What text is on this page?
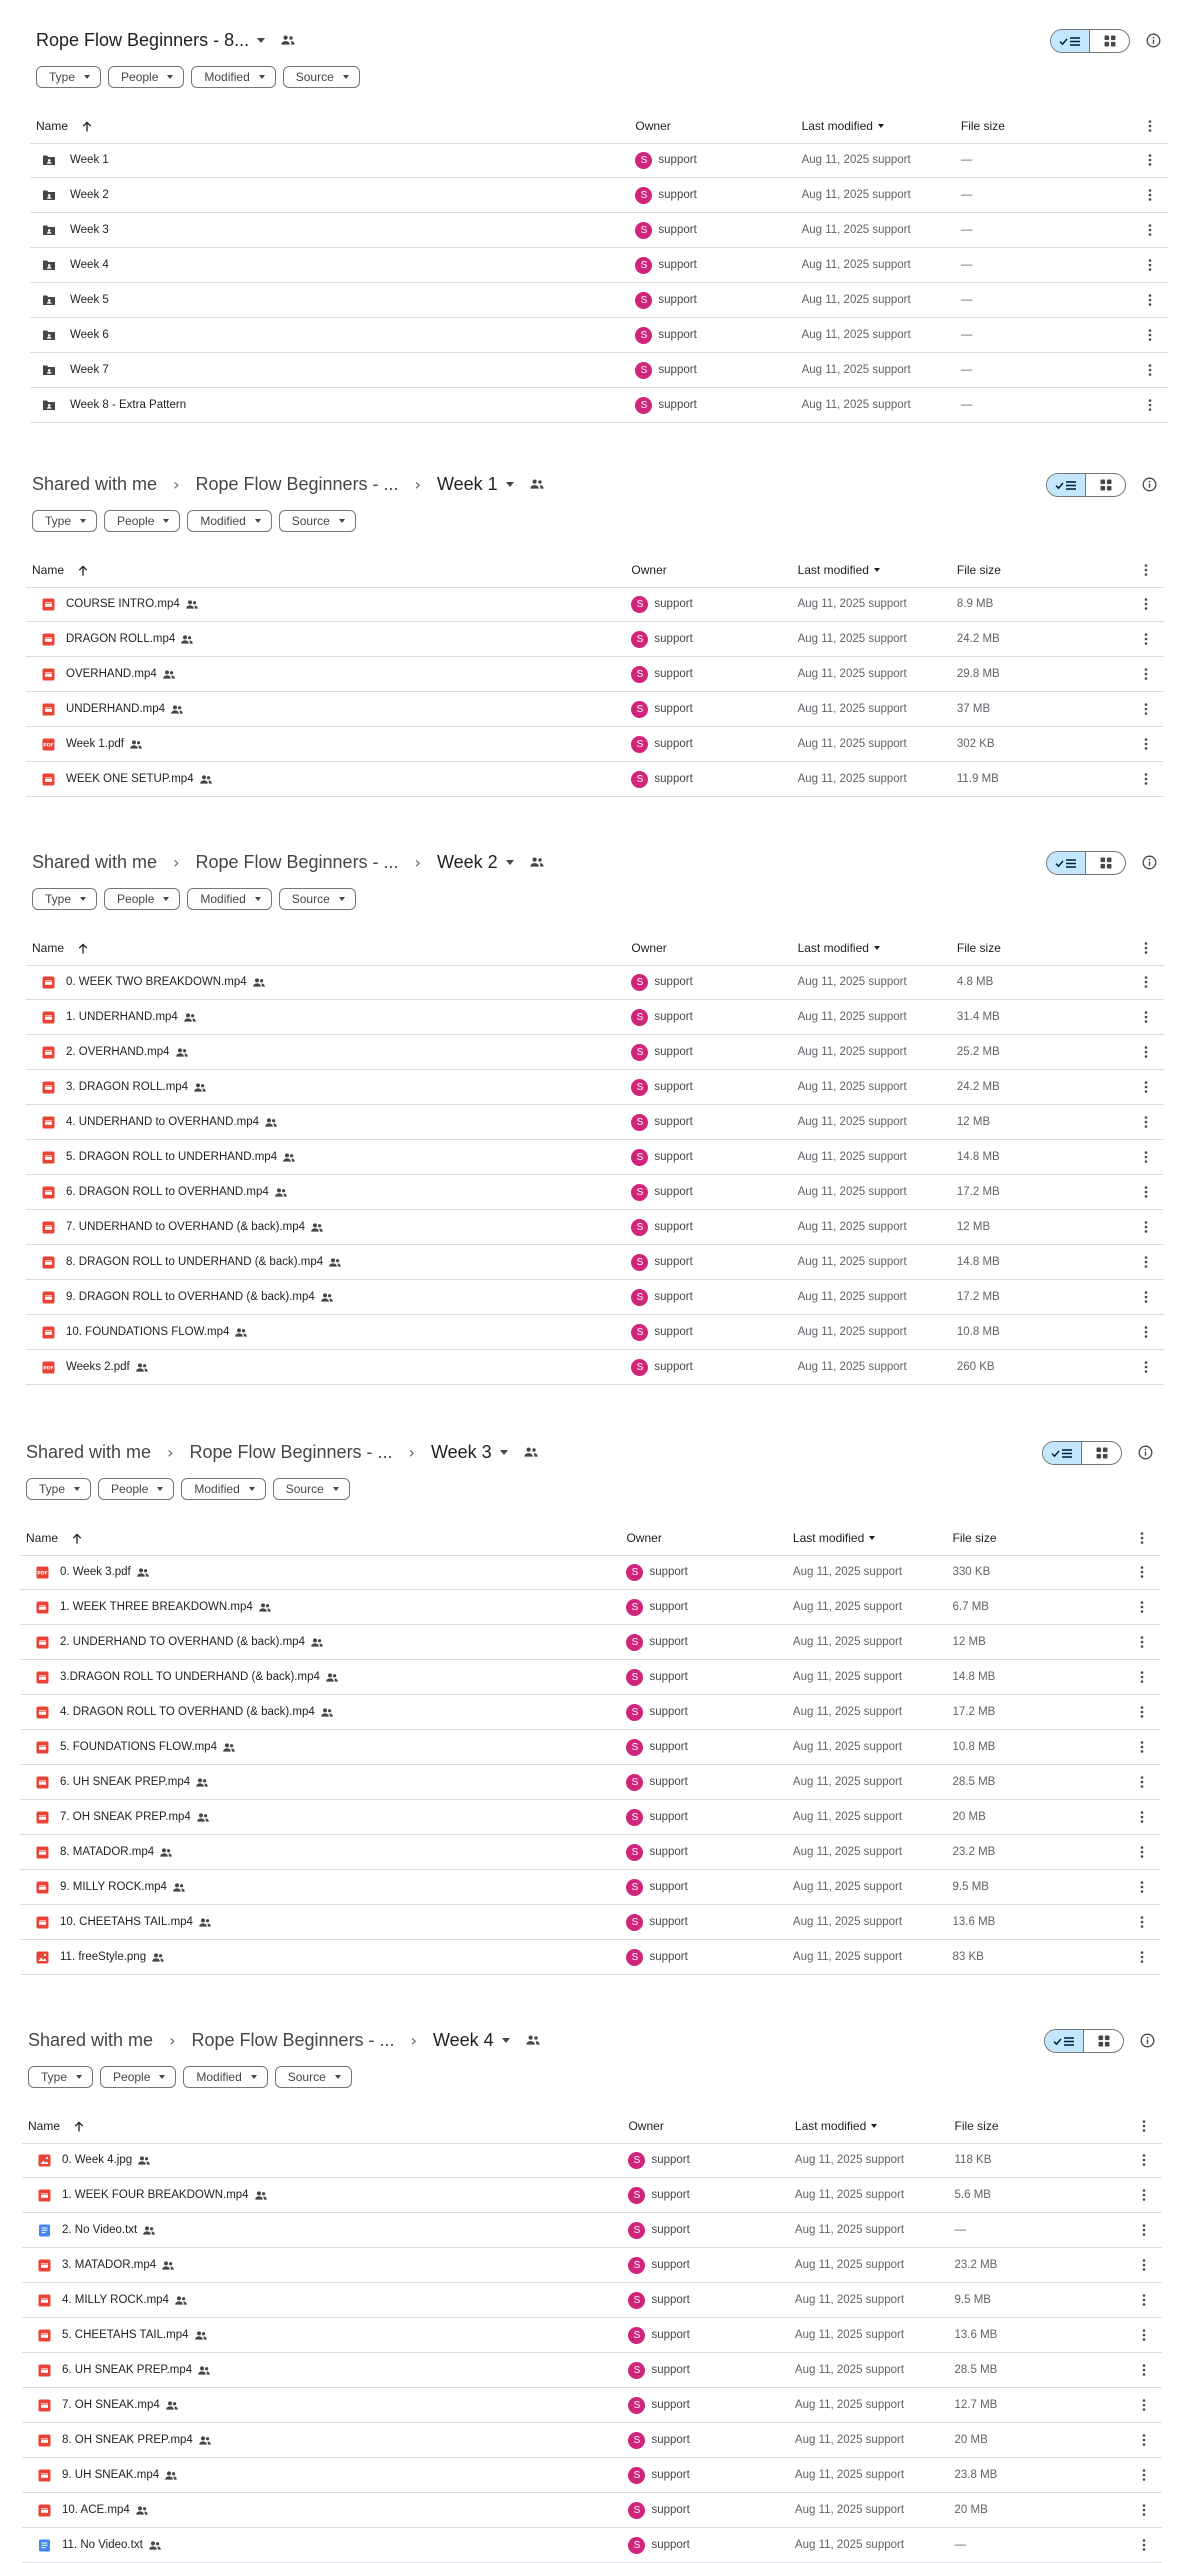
Rope Flow Beginners - 8...
Type	People	Modified	Source
Name	Owner	Last modified	File size
Week 1	S support	Aug 11, 2025 support	—
Week 2	S support	Aug 11, 2025 support	—
Week 3	S support	Aug 11, 2025 support	—
Week 4	S support	Aug 11, 2025 support	—
Week 5	S support	Aug 11, 2025 support	—
Week 6	S support	Aug 11, 2025 support	—
Week 7	S support	Aug 11, 2025 support	—
Week 8 - Extra Pattern	S support	Aug 11, 2025 support	—
Shared with me	› Rope Flow Beginners - ...	› Week 1
Type	People	Modified	Source
Name	Owner	Last modified	File size
COURSE INTRO.mp4	S support	Aug 11, 2025 support	8.9 MB
DRAGON ROLL.mp4	S support	Aug 11, 2025 support	24.2 MB
OVERHAND.mp4	S support	Aug 11, 2025 support	29.8 MB
UNDERHAND.mp4	S support	Aug 11, 2025 support	37 MB
PDF Week 1.pdf	S support	Aug 11, 2025 support	302 KB
WEEK ONE SETUP.mp4	S support	Aug 11, 2025 support	11.9 MB
Shared with me	› Rope Flow Beginners - ...	› Week 2
Type	People	Modified	Source
Name	Owner	Last modified	File size
0. WEEK TWO BREAKDOWN.mp4	S support	Aug 11, 2025 support	4.8 MB
1. UNDERHAND.mp4	S support	Aug 11, 2025 support	31.4 MB
2. OVERHAND.mp4	S support	Aug 11, 2025 support	25.2 MB
3. DRAGON ROLL.mp4	S support	Aug 11, 2025 support	24.2 MB
4. UNDERHAND to OVERHAND.mp4	S support	Aug 11, 2025 support	12 MB
5. DRAGON ROLL to UNDERHAND.mp4	S support	Aug 11, 2025 support	14.8 MB
6. DRAGON ROLL to OVERHAND.mp4	S support	Aug 11, 2025 support	17.2 MB
7. UNDERHAND to OVERHAND (& back).mp4	S support	Aug 11, 2025 support	12 MB
8. DRAGON ROLL to UNDERHAND (& back).mp4	S support	Aug 11, 2025 support	14.8 MB
9. DRAGON ROLL to OVERHAND (& back).mp4	S support	Aug 11, 2025 support	17.2 MB
10. FOUNDATIONS FLOW.mp4	S support	Aug 11, 2025 support	10.8 MB
PDF Weeks 2.pdf	S support	Aug 11, 2025 support	260 KB
Shared with me	› Rope Flow Beginners - ...	› Week 3
Type	People	Modified	Source
Name	Owner	Last modified	File size
PDF 0. Week 3.pdf	S support	Aug 11, 2025 support	330 KB
1. WEEK THREE BREAKDOWN.mp4	S support	Aug 11, 2025 support	6.7 MB
2. UNDERHAND TO OVERHAND (& back).mp4	S support	Aug 11, 2025 support	12 MB
3.DRAGON ROLL TO UNDERHAND (& back).mp4	S support	Aug 11, 2025 support	14.8 MB
4. DRAGON ROLL TO OVERHAND (& back).mp4	S support	Aug 11, 2025 support	17.2 MB
5. FOUNDATIONS FLOW.mp4	S support	Aug 11, 2025 support	10.8 MB
6. UH SNEAK PREP.mp4	S support	Aug 11, 2025 support	28.5 MB
7. OH SNEAK PREP.mp4	S support	Aug 11, 2025 support	20 MB
8. MATADOR.mp4	S support	Aug 11, 2025 support	23.2 MB
9. MILLY ROCK.mp4	S support	Aug 11, 2025 support	9.5 MB
10. CHEETAHS TAIL.mp4	S support	Aug 11, 2025 support	13.6 MB
11. freeStyle.png	S support	Aug 11, 2025 support	83 KB
Shared with me	› Rope Flow Beginners - ...	› Week 4
Type	People	Modified	Source
Name	Owner	Last modified	File size
0. Week 4.jpg	S support	Aug 11, 2025 support	118 KB
1. WEEK FOUR BREAKDOWN.mp4	S support	Aug 11, 2025 support	5.6 MB
2. No Video.txt	S support	Aug 11, 2025 support	—
3. MATADOR.mp4	S support	Aug 11, 2025 support	23.2 MB
4. MILLY ROCK.mp4	S support	Aug 11, 2025 support	9.5 MB
5. CHEETAHS TAIL.mp4	S support	Aug 11, 2025 support	13.6 MB
6. UH SNEAK PREP.mp4	S support	Aug 11, 2025 support	28.5 MB
7. OH SNEAK.mp4	S support	Aug 11, 2025 support	12.7 MB
8. OH SNEAK PREP.mp4	S support	Aug 11, 2025 support	20 MB
9. UH SNEAK.mp4	S support	Aug 11, 2025 support	23.8 MB
10. ACE.mp4	S support	Aug 11, 2025 support	20 MB
11. No Video.txt	S support	Aug 11, 2025 support	—
